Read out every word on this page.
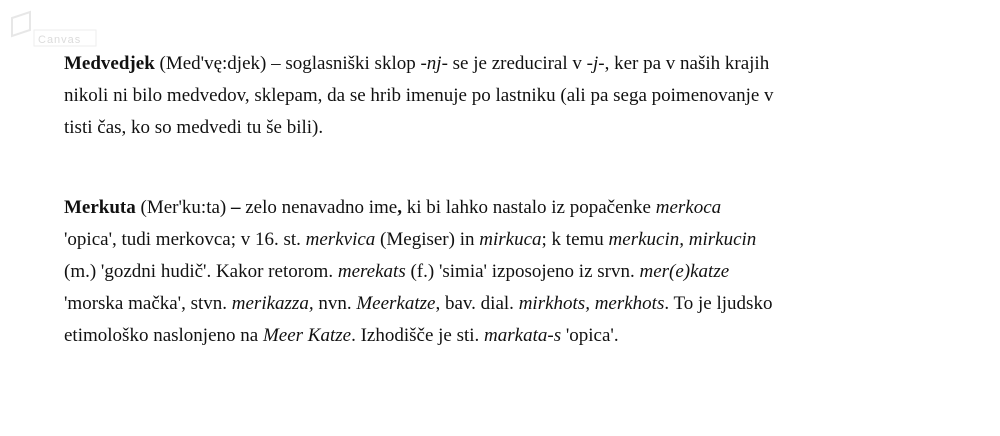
Canvas
Medvedjek (Med'vę:djek) – soglasniški sklop -nj- se je zreduciral v -j-, ker pa v naših krajih
nikoli ni bilo medvedov, sklepam, da se hrib imenuje po lastniku (ali pa sega poimenovanje v
tisti čas, ko so medvedi tu še bili).
Merkuta (Mer'ku:ta) – zelo nenavadno ime, ki bi lahko nastalo iz popačenke merkoca
'opica', tudi merkovca; v 16. st. merkvica (Megiser) in mirkuca; k temu merkucin, mirkucin
(m.) 'gozdni hudič'. Kakor retorom. merekats (f.) 'simia' izposojeno iz srvn. mer(e)katze
'morska mačka', stvn. merikazza, nvn. Meerkatze, bav. dial. mirkhots, merkhots. To je ljudsko
etimološko naslonjeno na Meer Katze. Izhodišče je sti. markata-s 'opica'.
